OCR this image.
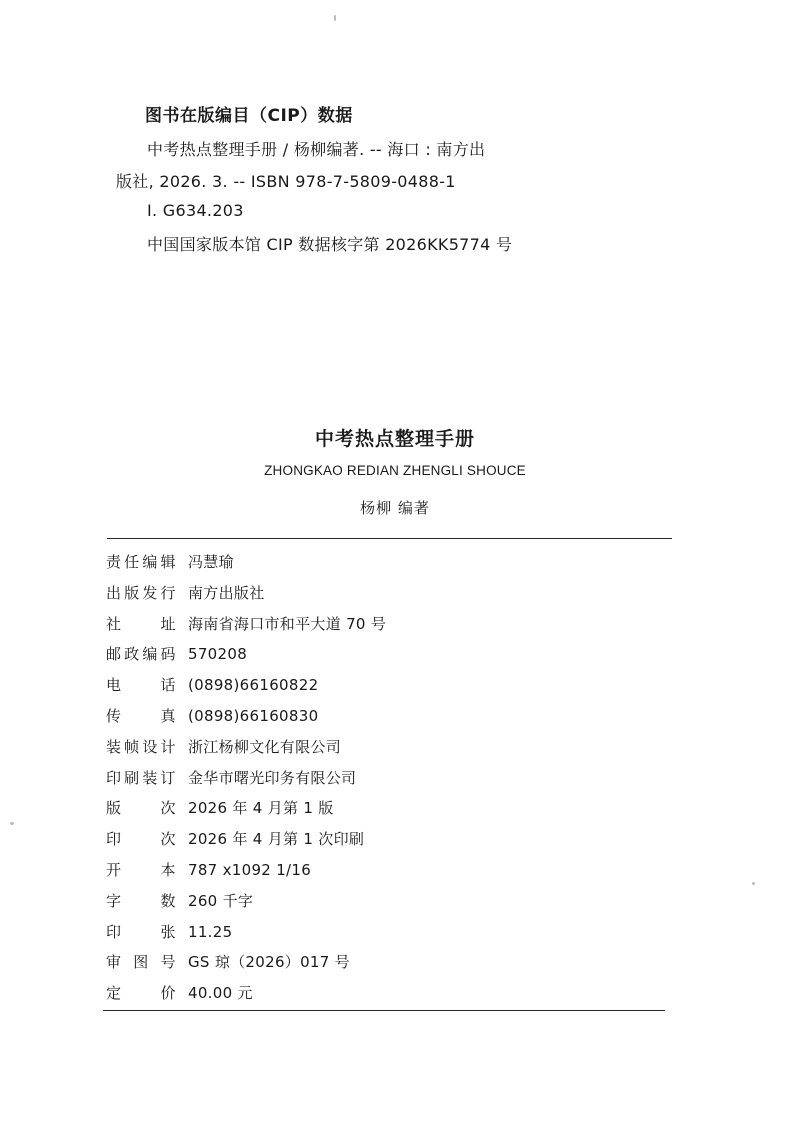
图书在版编目（CIP）数据
中考热点整理手册 / 杨柳编著. -- 海口 : 南方出
版社, 2026. 3. -- ISBN 978-7-5809-0488-1
Ⅰ. G634.203
中国国家版本馆 CIP 数据核字第 2026KK5774 号
中考热点整理手册
ZHONGKAO REDIAN ZHENGLI SHOUCE
杨柳 编著
责任编辑 冯慧瑜
出版发行 南方出版社
社址 海南省海口市和平大道 70 号
邮政编码 570208
电话 (0898)66160822
传真 (0898)66160830
装帧设计 浙江杨柳文化有限公司
印刷装订 金华市曙光印务有限公司
版次 2026 年 4 月第 1 版
印次 2026 年 4 月第 1 次印刷
开本 787 x1092 1/16
字数 260 千字
印张 11.25
审图号 GS 琼（2026）017 号
定价 40.00 元
